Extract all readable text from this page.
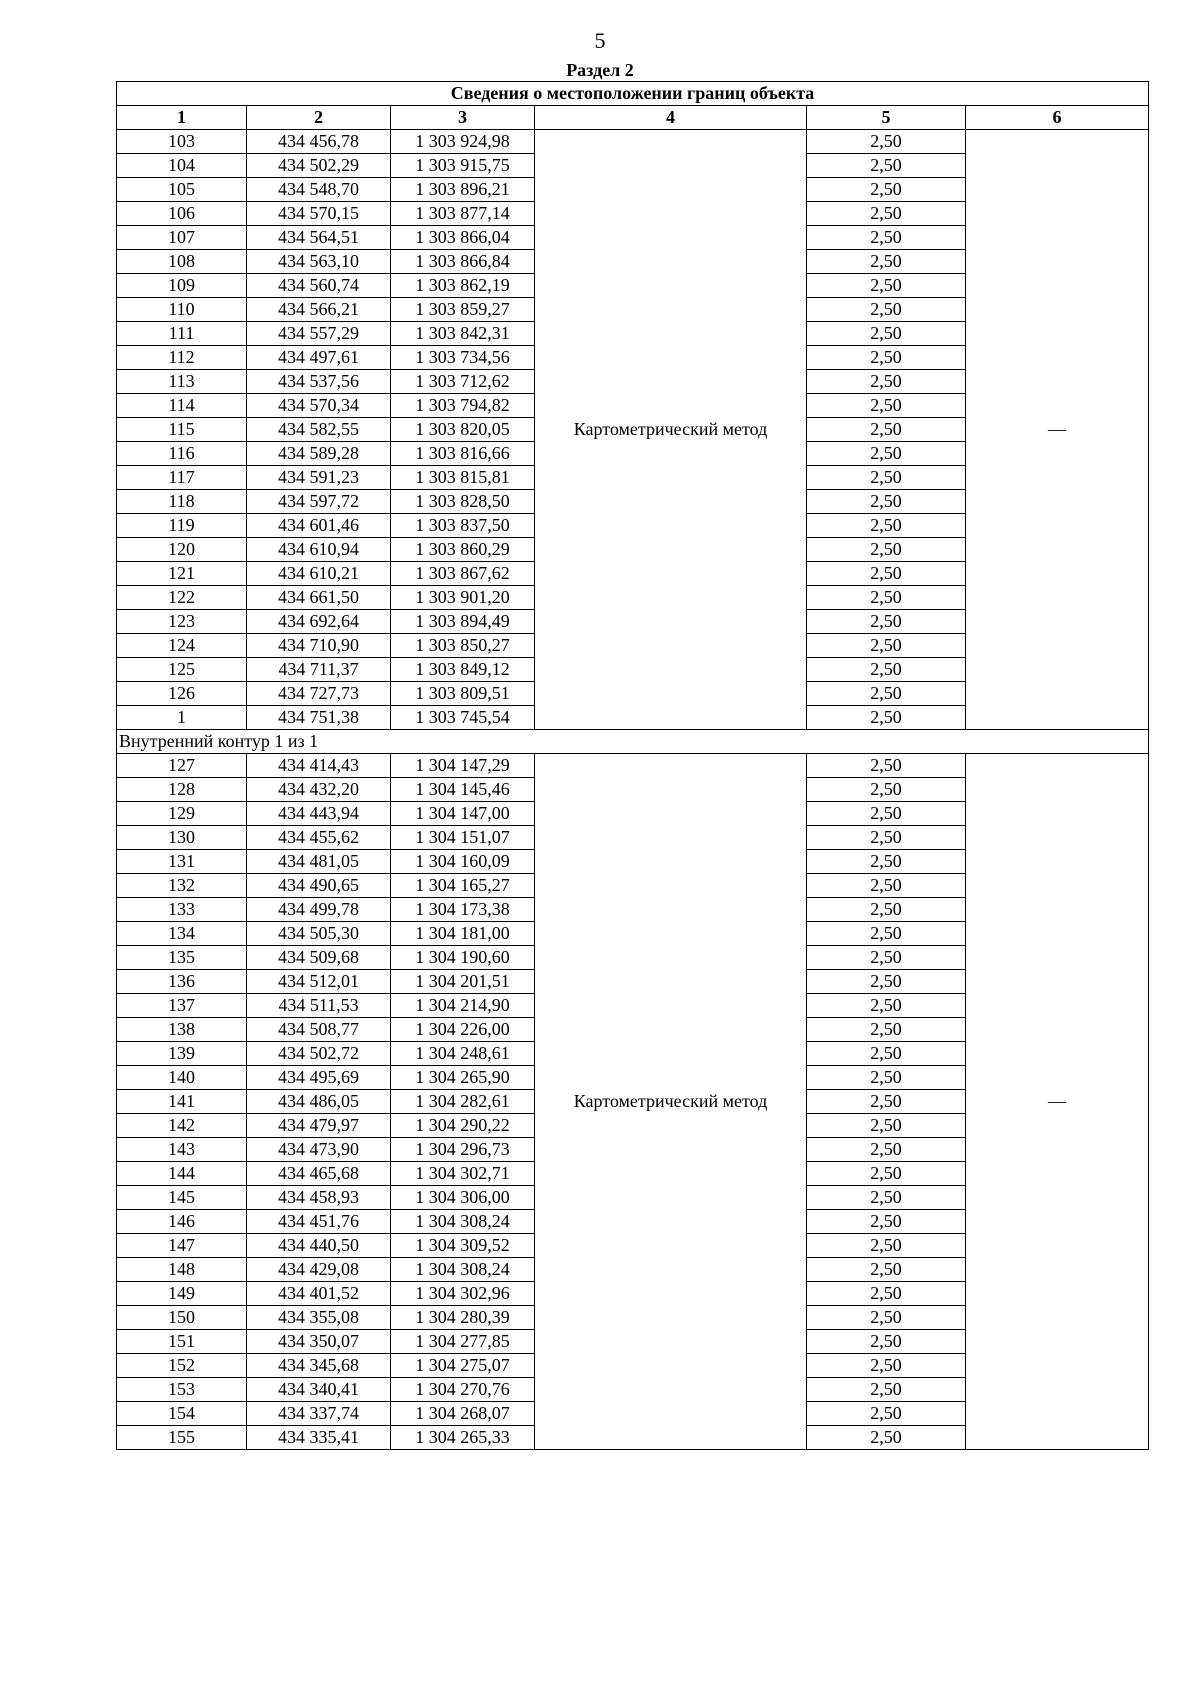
5
Раздел 2
Сведения о местоположении границ объекта					
1	2	3	4	5	6
103	434 456,78	1 303 924,98	Картометрический метод	2,50	—
104	434 502,29	1 303 915,75		2,50	
105	434 548,70	1 303 896,21		2,50	
106	434 570,15	1 303 877,14		2,50	
107	434 564,51	1 303 866,04		2,50	
108	434 563,10	1 303 866,84		2,50	
109	434 560,74	1 303 862,19		2,50	
110	434 566,21	1 303 859,27		2,50	
111	434 557,29	1 303 842,31		2,50	
112	434 497,61	1 303 734,56		2,50	
113	434 537,56	1 303 712,62		2,50	
114	434 570,34	1 303 794,82		2,50	
115	434 582,55	1 303 820,05		2,50	
116	434 589,28	1 303 816,66		2,50	
117	434 591,23	1 303 815,81		2,50	
118	434 597,72	1 303 828,50		2,50	
119	434 601,46	1 303 837,50		2,50	
120	434 610,94	1 303 860,29		2,50	
121	434 610,21	1 303 867,62		2,50	
122	434 661,50	1 303 901,20		2,50	
123	434 692,64	1 303 894,49		2,50	
124	434 710,90	1 303 850,27		2,50	
125	434 711,37	1 303 849,12		2,50	
126	434 727,73	1 303 809,51		2,50	
1	434 751,38	1 303 745,54		2,50	
Внутренний контур 1 из 1					
127	434 414,43	1 304 147,29	Картометрический метод	2,50	—
128	434 432,20	1 304 145,46		2,50	
129	434 443,94	1 304 147,00		2,50	
130	434 455,62	1 304 151,07		2,50	
131	434 481,05	1 304 160,09		2,50	
132	434 490,65	1 304 165,27		2,50	
133	434 499,78	1 304 173,38		2,50	
134	434 505,30	1 304 181,00		2,50	
135	434 509,68	1 304 190,60		2,50	
136	434 512,01	1 304 201,51		2,50	
137	434 511,53	1 304 214,90		2,50	
138	434 508,77	1 304 226,00		2,50	
139	434 502,72	1 304 248,61		2,50	
140	434 495,69	1 304 265,90		2,50	
141	434 486,05	1 304 282,61		2,50	
142	434 479,97	1 304 290,22		2,50	
143	434 473,90	1 304 296,73		2,50	
144	434 465,68	1 304 302,71		2,50	
145	434 458,93	1 304 306,00		2,50	
146	434 451,76	1 304 308,24		2,50	
147	434 440,50	1 304 309,52		2,50	
148	434 429,08	1 304 308,24		2,50	
149	434 401,52	1 304 302,96		2,50	
150	434 355,08	1 304 280,39		2,50	
151	434 350,07	1 304 277,85		2,50	
152	434 345,68	1 304 275,07		2,50	
153	434 340,41	1 304 270,76		2,50	
154	434 337,74	1 304 268,07		2,50	
155	434 335,41	1 304 265,33		2,50	
